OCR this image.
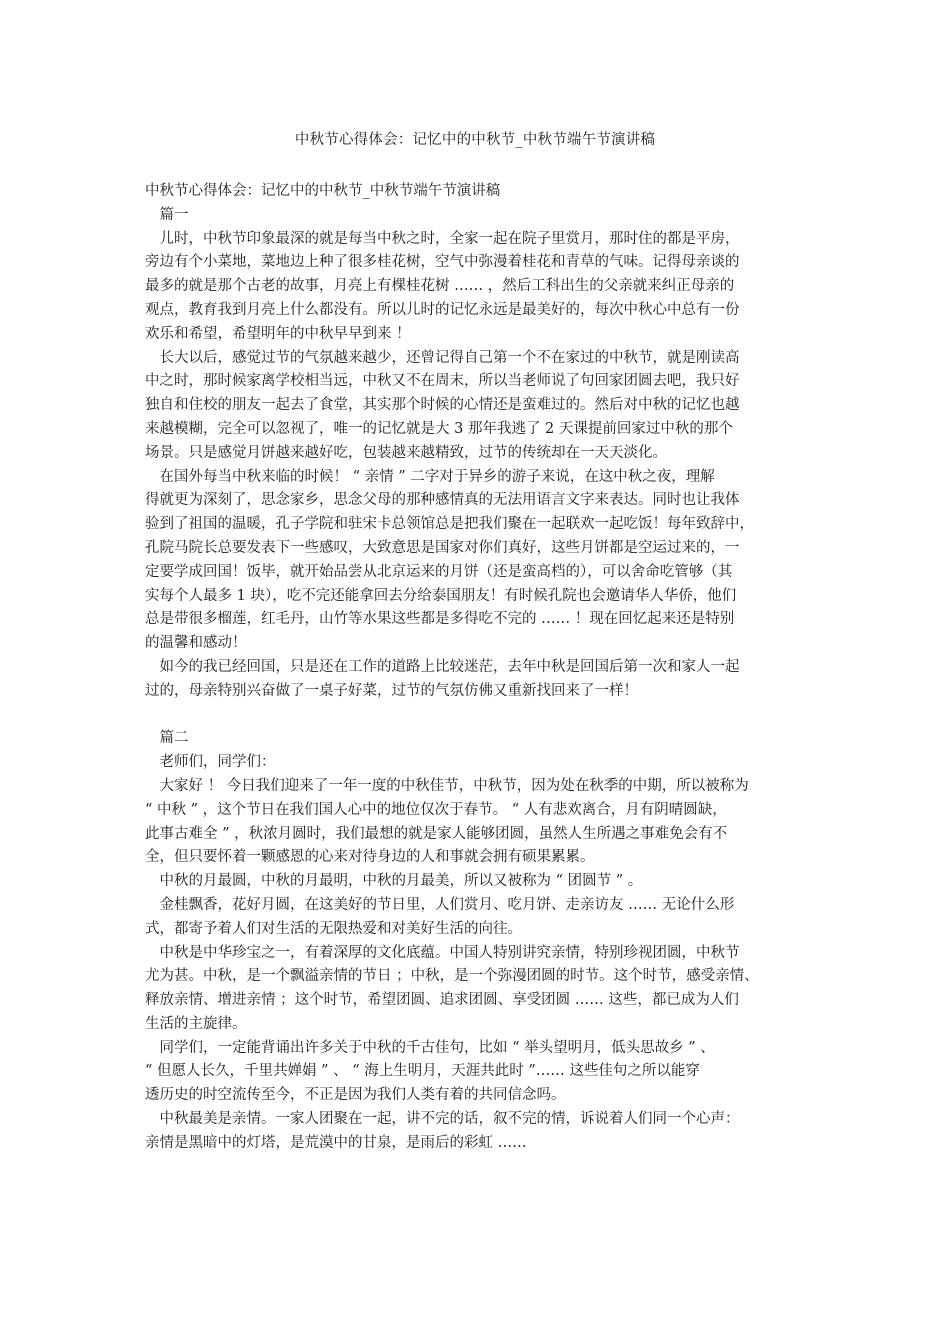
中秋节心得体会：记忆中的中秋节_中秋节端午节演讲稿
中秋节心得体会：记忆中的中秋节_中秋节端午节演讲稿
　篇一
　儿时，中秋节印象最深的就是每当中秋之时，全家一起在院子里赏月，那时住的都是平房，
旁边有个小菜地，菜地边上种了很多桂花树，空气中弥漫着桂花和青草的气味。记得母亲谈的
最多的就是那个古老的故事，月亮上有棵桂花树 …… ，然后工科出生的父亲就来纠正母亲的
观点，教育我到月亮上什么都没有。所以儿时的记忆永远是最美好的，每次中秋心中总有一份
欢乐和希望，希望明年的中秋早早到来 ！
　长大以后，感觉过节的气氛越来越少，还曾记得自己第一个不在家过的中秋节，就是刚读高
中之时，那时候家离学校相当远，中秋又不在周末，所以当老师说了句回家团圆去吧，我只好
独自和住校的朋友一起去了食堂，其实那个时候的心情还是蛮难过的。然后对中秋的记忆也越
来越模糊，完全可以忽视了，唯一的记忆就是大 3 那年我逃了 2 天课提前回家过中秋的那个
场景。只是感觉月饼越来越好吃，包装越来越精致，过节的传统却在一天天淡化。
　在国外每当中秋来临的时候！ “ 亲情 ” 二字对于异乡的游子来说，在这中秋之夜，理解
得就更为深刻了，思念家乡，思念父母的那种感情真的无法用语言文字来表达。同时也让我体
验到了祖国的温暖，孔子学院和驻宋卡总领馆总是把我们聚在一起联欢一起吃饭！每年致辞中，
孔院马院长总要发表下一些感叹，大致意思是国家对你们真好，这些月饼都是空运过来的，一
定要学成回国！饭毕，就开始品尝从北京运来的月饼（还是蛮高档的），可以舍命吃管够（其
实每个人最多 1 块），吃不完还能拿回去分给泰国朋友！有时候孔院也会邀请华人华侨，他们
总是带很多榴莲，红毛丹，山竹等水果这些都是多得吃不完的 …… ！现在回忆起来还是特别
的温馨和感动！
　如今的我已经回国，只是还在工作的道路上比较迷茫，去年中秋是回国后第一次和家人一起
过的，母亲特别兴奋做了一桌子好菜，过节的气氛仿佛又重新找回来了一样！
　篇二
　老师们，同学们：
　大家好 ！ 今日我们迎来了一年一度的中秋佳节，中秋节，因为处在秋季的中期，所以被称为
“ 中秋 ” ，这个节日在我们国人心中的地位仅次于春节。 “ 人有悲欢离合，月有阴晴圆缺，
此事古难全 ” ，秋浓月圆时，我们最想的就是家人能够团圆，虽然人生所遇之事难免会有不
全，但只要怀着一颗感恩的心来对待身边的人和事就会拥有硕果累累。
　中秋的月最圆，中秋的月最明，中秋的月最美，所以又被称为 “ 团圆节 ” 。
　金桂飘香，花好月圆，在这美好的节日里，人们赏月、吃月饼、走亲访友 …… 无论什么形
式，都寄予着人们对生活的无限热爱和对美好生活的向往。
　中秋是中华珍宝之一，有着深厚的文化底蕴。中国人特别讲究亲情，特别珍视团圆，中秋节
尤为甚。中秋，是一个飘溢亲情的节日 ；中秋，是一个弥漫团圆的时节。这个时节，感受亲情、
释放亲情、增进亲情 ；这个时节，希望团圆、追求团圆、享受团圆 …… 这些，都已成为人们
生活的主旋律。
　同学们，一定能背诵出许多关于中秋的千古佳句，比如 “ 举头望明月，低头思故乡 ” 、
“ 但愿人长久，千里共婵娟 ” 、 “ 海上生明月，天涯共此时 ”…… 这些佳句之所以能穿
透历史的时空流传至今，不正是因为我们人类有着的共同信念吗。
　中秋最美是亲情。一家人团聚在一起，讲不完的话，叙不完的情，诉说着人们同一个心声：
亲情是黑暗中的灯塔，是荒漠中的甘泉，是雨后的彩虹 ……
